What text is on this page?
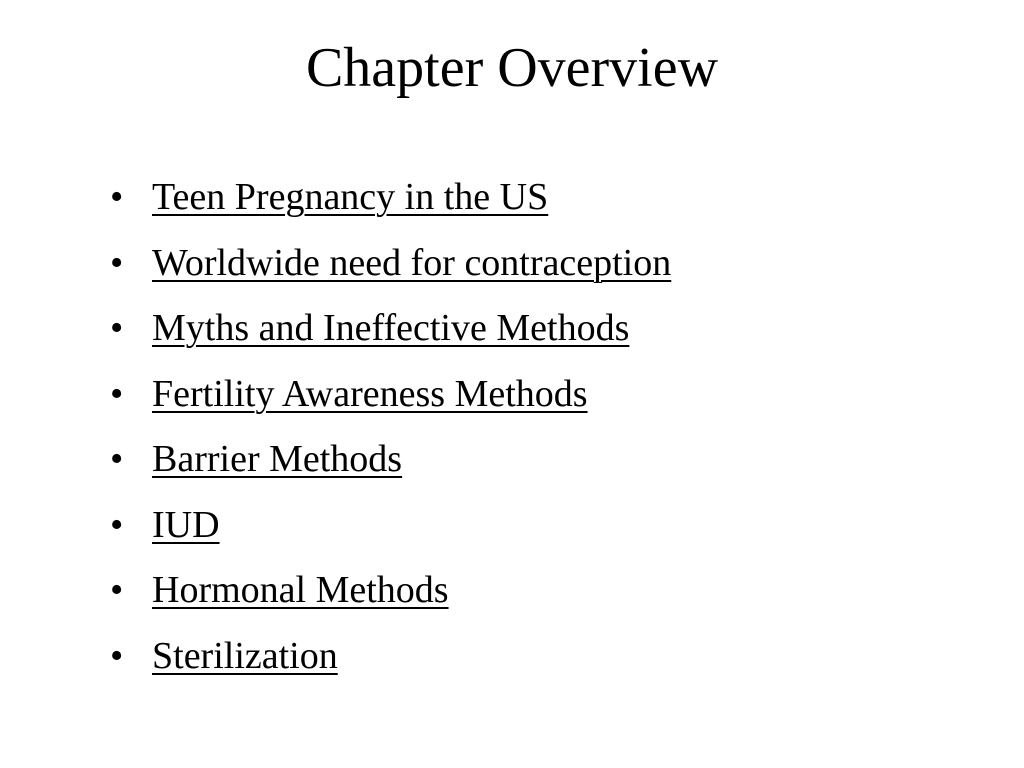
Chapter Overview
• Teen Pregnancy in the US
• Worldwide need for contraception
• Myths and Ineffective Methods
• Fertility Awareness Methods
• Barrier Methods
• IUD
• Hormonal Methods
• Sterilization
